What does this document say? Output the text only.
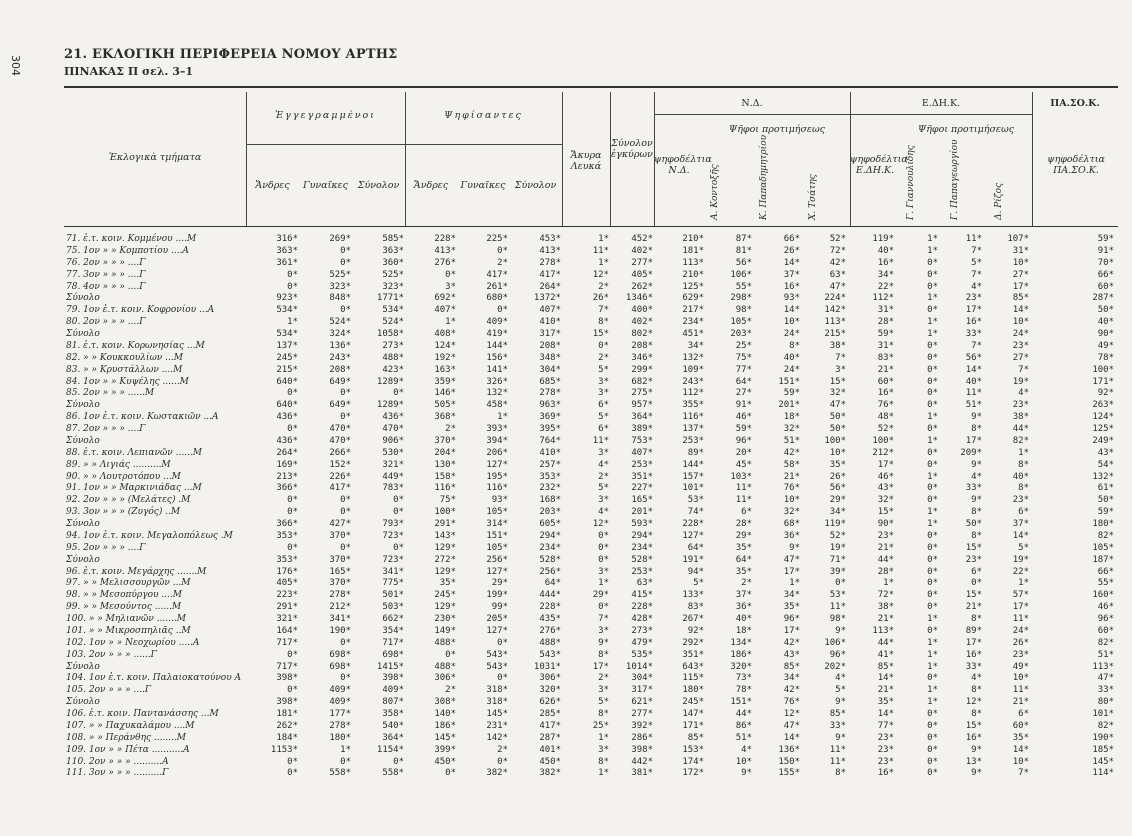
304
21. ΕΚΛΟΓΙΚΗ ΠΕΡΙΦΕΡΕΙΑ ΝΟΜΟΥ ΑΡΤΗΣ
ΠΙΝΑΚΑΣ Π σελ. 3–1
Ἐκλογικὰ τμήματα
Ἐγγεγραμμένοι	Ψηφίσαντες
Ἄνδρες	Γυναῖκες	Σύνολον	Ἄνδρες	Γυναῖκες Σύνολον
Ἄκυρα Λευκά
Σύνολον ἐγκύρων
Ν.Δ.	Ε.ΔΗ.Κ.	ΠΑ.ΣΟ.Κ.
Ψῆφοι προτιμήσεως	Ψῆφοι προτιμήσεως
ψηφοδέλτια Ν.Δ.
ψηφοδέλτια Ε.ΔΗ.Κ.
ψηφοδέλτια ΠΑ.ΣΟ.Κ.
Α. Κοντοξῆς	Κ. Παπαδημητρίου	Χ. Τσάτης	Γ. Γιαννουλίδης	Γ. Παπαγεωργίου	Δ. Ρίζος
71. ἐ.τ. κοιν. Κομμένου ....Μ	316*	269*	585*	228*	225*	453*	1* 452*	210*	87*	66*	52*	119*	1*	11*	107*	59*
75. 1ον » » Κομποτίου ....Α	363*	0*	363*	413*	0*	413*	11* 402*	181*	81*	26*	72*	40*	1*	7*	31*	91*
76. 2ον » » » ....Γ	361*	0*	360*	276*	2*	278*	1* 277*	113*	56*	14*	42*	16*	0*	5*	10*	70*
77. 3ον » » » ....Γ	0*	525*	525*	0*	417*	417*	12* 405*	210*	106*	37*	63*	34*	0*	7*	27*	66*
78. 4ον » » » ....Γ	0*	323*	323*	3*	261*	264*	2* 262*	125*	55*	16*	47*	22*	0*	4*	17*	60*
Σύνολο	923*	848*	1771*	692*	680*	1372*	26* 1346*	629*	298*	93*	224*	112*	1*	23*	85*	287*
79. 1ον ἐ.τ. κοιν. Κοφρονίου ...Α	534*	0*	534*	407*	0*	407*	7* 400*	217*	98*	14*	142*	31*	0*	17*	14*	50*
80. 2ον » » » ....Γ	1*	524*	524*	1*	409*	410*	8* 402*	234*	105*	10*	113*	28*	1*	16*	10*	40*
Σύνολο	534*	324*	1058*	408*	419*	317*	15* 802*	451*	203*	24*	215*	59*	1*	33*	24*	90*
81. ἐ.τ. κοιν. Κορωνησίας ...Μ	137*	136*	273*	124*	144*	208*	0* 208*	34*	25*	8*	38*	31*	0*	7*	23*	49*
82. » » Κουκκουλίων ...Μ	245*	243*	488*	192*	156*	348*	2* 346*	132*	75*	40*	7*	83*	0*	56*	27*	78*
83. » » Κρυστάλλων ....Μ	215*	208*	423*	163*	141*	304*	5* 299*	109*	77*	24*	3*	21*	0*	14*	7*	100*
84. 1ον » » Κυψέλης ......Μ	640*	649*	1289*	359*	326*	685*	3* 682*	243*	64*	151*	15*	60*	0*	40*	19*	171*
85. 2ον » » » ......Μ	0*	0*	0*	146*	132*	278*	3* 275*	112*	27*	59*	32*	16*	0*	11*	4*	92*
Σύνολο	640*	649*	1289*	505*	458*	963*	6* 957*	355*	91*	201*	47*	76*	0*	51*	23*	263*
86. 1ον ἐ.τ. κοιν. Κωστακιῶν ...Α	436*	0*	436*	368*	1*	369*	5* 364*	116*	46*	18*	50*	48*	1*	9*	38*	124*
87. 2ον » » » ....Γ	0*	470*	470*	2*	393*	395*	6* 389*	137*	59*	32*	50*	52*	0*	8*	44*	125*
Σύνολο	436*	470*	906*	370*	394*	764*	11* 753*	253*	96*	51*	100*	100*	1*	17*	82*	249*
88. ἐ.τ. κοιν. Λεπιανῶν ......Μ	264*	266*	530*	204*	206*	410*	3* 407*	89*	20*	42*	10*	212*	0* 209*	1*	43*
89. » » Λιγιάς ..........Μ	169*	152*	321*	130*	127*	257*	4* 253*	144*	45*	58*	35*	17*	0*	9*	8*	54*
90. » » Λουτροτόπου ...Μ	213*	226*	449*	158*	195*	353*	2* 351*	157*	103*	21*	26*	46*	1*	4*	40*	132*
91. 1ον » » Μαρκινιάδας ...Μ	366*	417*	783*	116*	116*	232*	5* 227*	101*	11*	76*	56*	43*	0*	33*	8*	61*
92. 2ον » » » (Μελάτες) .Μ	0*	0*	0*	75*	93*	168*	3* 165*	53*	11*	10*	29*	32*	0*	9*	23*	50*
93. 3ον » » » (Ζυγός) ..Μ	0*	0*	0*	100*	105*	203*	4* 201*	74*	6*	32*	34*	15*	1*	8*	6*	59*
Σύνολο	366*	427*	793*	291*	314*	605*	12* 593*	228*	28*	68*	119*	90*	1*	50*	37*	180*
94. 1ον ἐ.τ. κοιν. Μεγαλοπόλεως .Μ	353*	370*	723*	143*	151*	294*	0* 294*	127*	29*	36*	52*	23*	0*	8*	14*	82*
95. 2ον » » » ....Γ	0*	0*	0*	129*	105*	234*	0* 234*	64*	35*	9*	19*	21*	0*	15*	5*	105*
Σύνολο	353*	370*	723*	272*	256*	528*	0* 528*	191*	64*	47*	71*	44*	0*	23*	19*	187*
96. ἐ.τ. κοιν. Μεγάρχης .......Μ	176*	165*	341*	129*	127*	256*	3* 253*	94*	35*	17*	39*	28*	0*	6*	22*	66*
97. » » Μελισσουργῶν ...Μ	405*	370*	775*	35*	29*	64*	1*	63*	5*	2*	1*	0*	1*	0*	0*	1*	55*
98. » » Μεσοπύργου ....Μ	223*	278*	501*	245*	199*	444*	29* 415*	133*	37*	34*	53*	72*	0*	15*	57*	160*
99. » » Μεσούντος ......Μ	291*	212*	503*	129*	99*	228*	0* 228*	83*	36*	35*	11*	38*	0*	21*	17*	46*
100. » » Μηλιανῶν .......Μ	321*	341*	662*	230*	205*	435*	7* 428*	267*	40*	96*	98*	21*	1*	8*	11*	96*
101. » » Μικροσπηλιᾶς ..Μ	164*	190*	354*	149*	127*	276*	3* 273*	92*	18*	17*	9*	113*	0*	89*	24*	60*
102. 1ον » » Νεοχωρίου .....Α	717*	0*	717*	488*	0*	488*	9* 479*	292*	134*	42*	106*	44*	1*	17*	26*	82*
103. 2ον » » » ......Γ	0*	698*	698*	0*	543*	543*	8* 535*	351*	186*	43*	96*	41*	1*	16*	23*	51*
Σύνολο	717*	698*	1415*	488*	543*	1031*	17* 1014*	643*	320*	85*	202*	85*	1*	33*	49*	113*
104. 1ον ἐ.τ. κοιν. Παλαιοκατούνου Α	398*	0*	398*	306*	0*	306*	2* 304*	115*	73*	34*	4*	14*	0*	4*	10*	47*
105. 2ον » » » ....Γ	0*	409*	409*	2*	318*	320*	3* 317*	180*	78*	42*	5*	21*	1*	8*	11*	33*
Σύνολο	398*	409*	807*	308*	318*	626*	5* 621*	245*	151*	76*	9*	35*	1*	12*	21*	80*
106. ἐ.τ. κοιν. Παντανάσσης ...Μ	181*	177*	358*	140*	145*	285*	8* 277*	147*	44*	12*	85*	14*	0*	8*	6*	101*
107. » » Παχυκαλάμου ....Μ	262*	278*	540*	186*	231*	417*	25* 392*	171*	86*	47*	33*	77*	0*	15*	60*	82*
108. » » Περάνθης ........Μ	184*	180*	364*	145*	142*	287*	1* 286*	85*	51*	14*	9*	23*	0*	16*	35*	190*
109. 1ον » » Πέτα ...........Α	1153*	1*	1154*	399*	2*	401*	3* 398*	153*	4*	136*	11*	23*	0*	9*	14*	185*
110. 2ον » » » ..........Α	0*	0*	0*	450*	0*	450*	8* 442*	174*	10*	150*	11*	23*	0*	13*	10*	145*
111. 3ον » » » ..........Γ	0*	558*	558*	0*	382*	382*	1* 381*	172*	9*	155*	8*	16*	0*	9*	7*	114*
